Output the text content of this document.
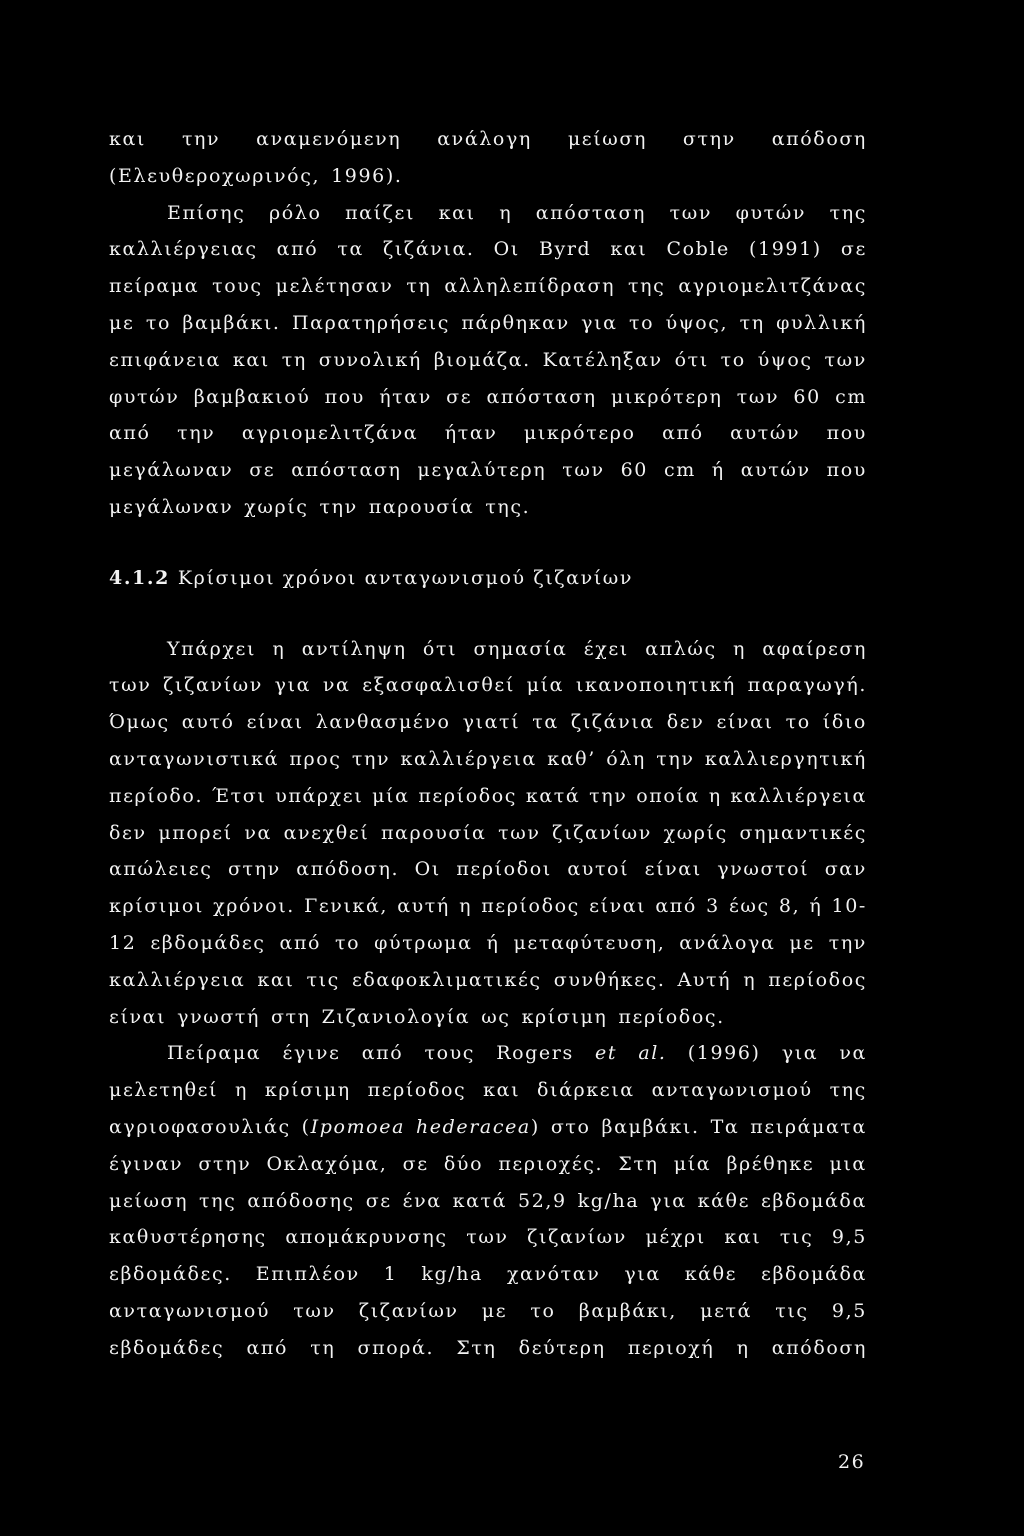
και την αναμενόμενη ανάλογη μείωση στην απόδοση
(Ελευθεροχωρινός, 1996).
Επίσης ρόλο παίζει και η απόσταση των φυτών της
καλλιέργειας από τα ζιζάνια. Οι Byrd και Coble (1991) σε
πείραμα τους μελέτησαν τη αλληλεπίδραση της αγριομελιτζάνας
με το βαμβάκι. Παρατηρήσεις πάρθηκαν για το ύψος, τη φυλλική
επιφάνεια και τη συνολική βιομάζα. Κατέληξαν ότι το ύψος των
φυτών βαμβακιού που ήταν σε απόσταση μικρότερη των 60 cm
από την αγριομελιτζάνα ήταν μικρότερο από αυτών που
μεγάλωναν σε απόσταση μεγαλύτερη των 60 cm ή αυτών που
μεγάλωναν χωρίς την παρουσία της.
4.1.2 Κρίσιμοι χρόνοι ανταγωνισμού ζιζανίων
Υπάρχει η αντίληψη ότι σημασία έχει απλώς η αφαίρεση
των ζιζανίων για να εξασφαλισθεί μία ικανοποιητική παραγωγή.
Όμως αυτό είναι λανθασμένο γιατί τα ζιζάνια δεν είναι το ίδιο
ανταγωνιστικά προς την καλλιέργεια καθ’ όλη την καλλιεργητική
περίοδο. Έτσι υπάρχει μία περίοδος κατά την οποία η καλλιέργεια
δεν μπορεί να ανεχθεί παρουσία των ζιζανίων χωρίς σημαντικές
απώλειες στην απόδοση. Οι περίοδοι αυτοί είναι γνωστοί σαν
κρίσιμοι χρόνοι. Γενικά, αυτή η περίοδος είναι από 3 έως 8, ή 10-
12 εβδομάδες από το φύτρωμα ή μεταφύτευση, ανάλογα με την
καλλιέργεια και τις εδαφοκλιματικές συνθήκες. Αυτή η περίοδος
είναι γνωστή στη Ζιζανιολογία ως κρίσιμη περίοδος.
Πείραμα έγινε από τους Rogers et al. (1996) για να
μελετηθεί η κρίσιμη περίοδος και διάρκεια ανταγωνισμού της
αγριοφασουλιάς (Ipomoea hederacea) στο βαμβάκι. Τα πειράματα
έγιναν στην Οκλαχόμα, σε δύο περιοχές. Στη μία βρέθηκε μια
μείωση της απόδοσης σε ένα κατά 52,9 kg/ha για κάθε εβδομάδα
καθυστέρησης απομάκρυνσης των ζιζανίων μέχρι και τις 9,5
εβδομάδες. Επιπλέον 1 kg/ha χανόταν για κάθε εβδομάδα
ανταγωνισμού των ζιζανίων με το βαμβάκι, μετά τις 9,5
εβδομάδες από τη σπορά. Στη δεύτερη περιοχή η απόδοση
26
